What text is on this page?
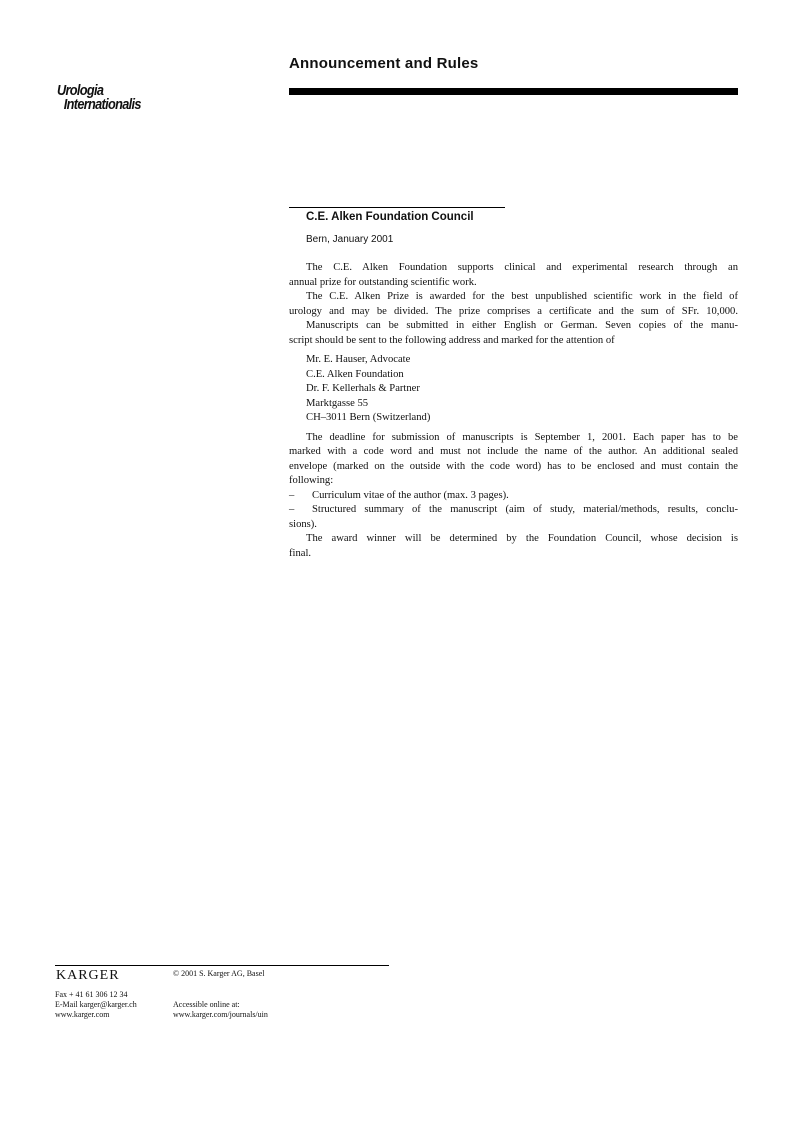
Announcement and Rules
Urologia
Internationalis
C.E. Alken Foundation Council
Bern, January 2001
The C.E. Alken Foundation supports clinical and experimental research through an
annual prize for outstanding scientific work.
The C.E. Alken Prize is awarded for the best unpublished scientific work in the field of
urology and may be divided. The prize comprises a certificate and the sum of SFr. 10,000.
Manuscripts can be submitted in either English or German. Seven copies of the manu-
script should be sent to the following address and marked for the attention of
Mr. E. Hauser, Advocate
C.E. Alken Foundation
Dr. F. Kellerhals & Partner
Marktgasse 55
CH–3011 Bern (Switzerland)
The deadline for submission of manuscripts is September 1, 2001. Each paper has to be
marked with a code word and must not include the name of the author. An additional sealed
envelope (marked on the outside with the code word) has to be enclosed and must contain the
following:
–	Curriculum vitae of the author (max. 3 pages).
–	Structured summary of the manuscript (aim of study, material/methods, results, conclu-
sions).
The award winner will be determined by the Foundation Council, whose decision is
final.
KARGER	© 2001 S. Karger AG, Basel
Fax + 41 61 306 12 34
E-Mail karger@karger.ch
www.karger.com
Accessible online at:
www.karger.com/journals/uin
